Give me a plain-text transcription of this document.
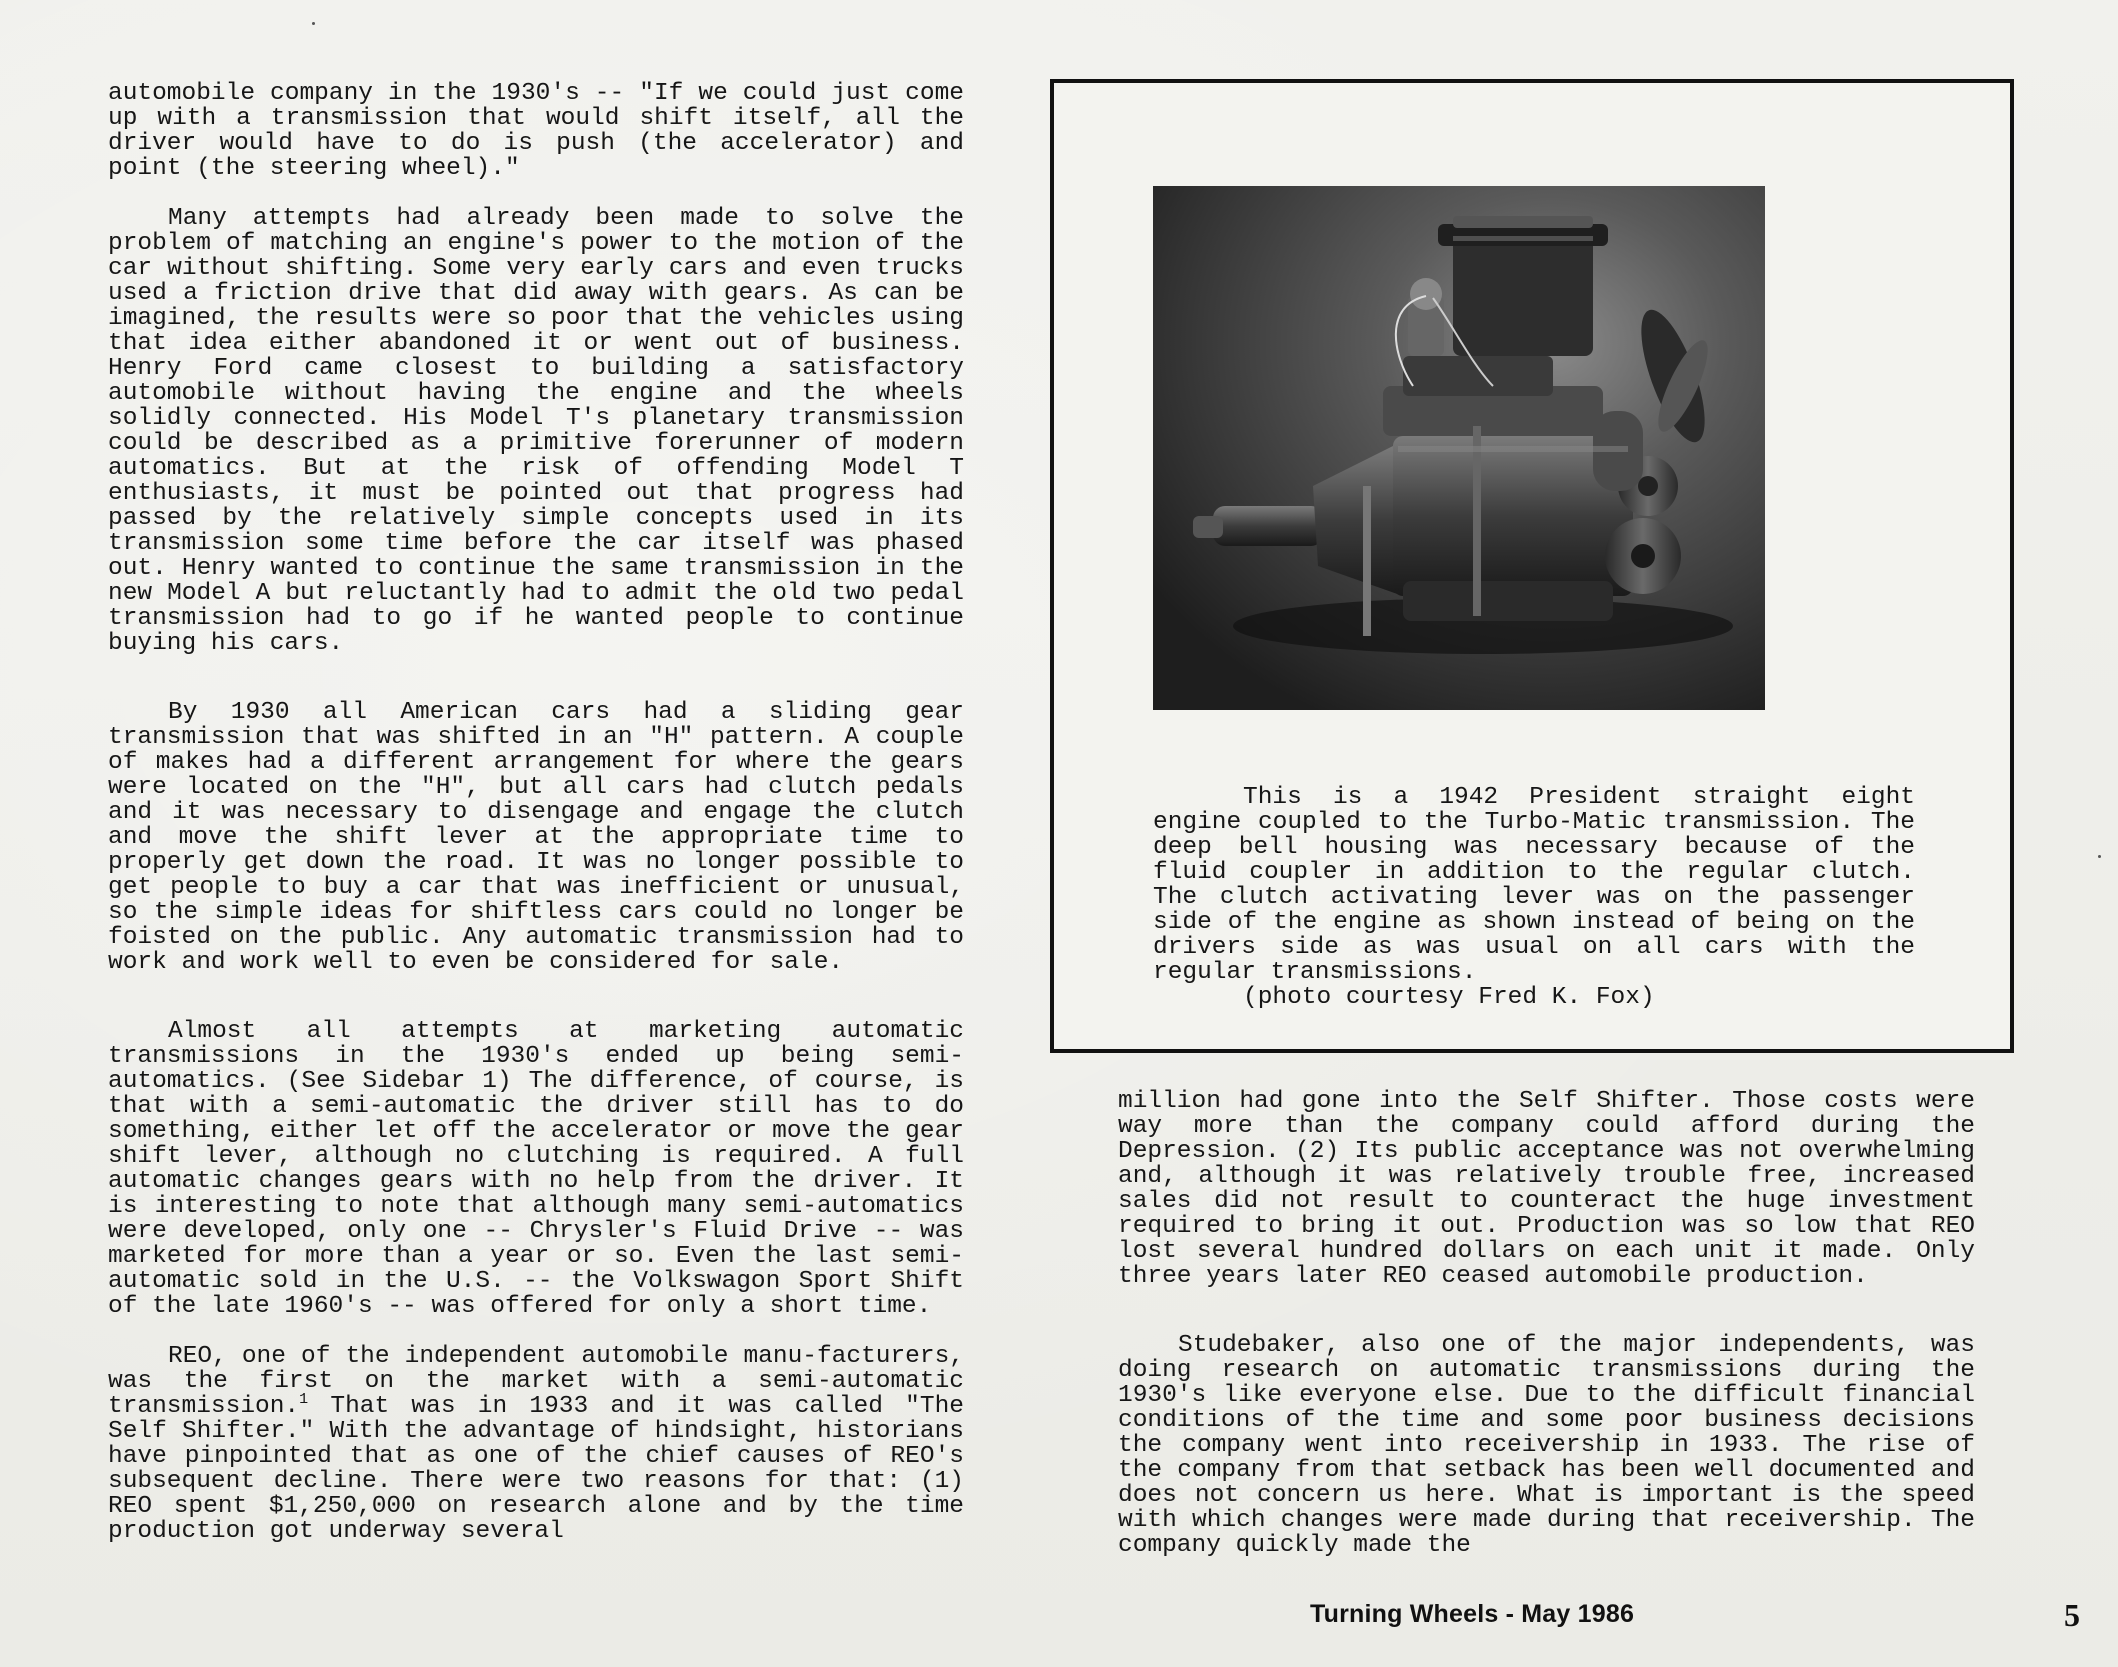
automobile company in the 1930's -- "If we could just come up with a transmission that would shift itself, all the driver would have to do is push (the accelerator) and point (the steering wheel)."
Many attempts had already been made to solve the problem of matching an engine's power to the motion of the car without shifting. Some very early cars and even trucks used a friction drive that did away with gears. As can be imagined, the results were so poor that the vehicles using that idea either abandoned it or went out of business. Henry Ford came closest to building a satisfactory automobile without having the engine and the wheels solidly connected. His Model T's planetary transmission could be described as a primitive forerunner of modern automatics. But at the risk of offending Model T enthusiasts, it must be pointed out that progress had passed by the relatively simple concepts used in its transmission some time before the car itself was phased out. Henry wanted to continue the same transmission in the new Model A but reluctantly had to admit the old two pedal transmission had to go if he wanted people to continue buying his cars.
By 1930 all American cars had a sliding gear transmission that was shifted in an "H" pattern. A couple of makes had a different arrangement for where the gears were located on the "H", but all cars had clutch pedals and it was necessary to disengage and engage the clutch and move the shift lever at the appropriate time to properly get down the road. It was no longer possible to get people to buy a car that was inefficient or unusual, so the simple ideas for shiftless cars could no longer be foisted on the public. Any automatic transmission had to work and work well to even be considered for sale.
Almost all attempts at marketing automatic transmissions in the 1930's ended up being semi-automatics. (See Sidebar 1) The difference, of course, is that with a semi-automatic the driver still has to do something, either let off the accelerator or move the gear shift lever, although no clutching is required. A full automatic changes gears with no help from the driver. It is interesting to note that although many semi-automatics were developed, only one -- Chrysler's Fluid Drive -- was marketed for more than a year or so. Even the last semi-automatic sold in the U.S. -- the Volkswagon Sport Shift of the late 1960's -- was offered for only a short time.
REO, one of the independent automobile manu-facturers, was the first on the market with a semi-automatic transmission.$^1$ That was in 1933 and it was called "The Self Shifter." With the advantage of hindsight, historians have pinpointed that as one of the chief causes of REO's subsequent decline. There were two reasons for that: (1) REO spent $1,250,000 on research alone and by the time production got underway several
This is a 1942 President straight eight engine coupled to the Turbo-Matic transmission. The deep bell housing was necessary because of the fluid coupler in addition to the regular clutch. The clutch activating lever was on the passenger side of the engine as shown instead of being on the drivers side as was usual on all cars with the regular transmissions.
(photo courtesy Fred K. Fox)
million had gone into the Self Shifter. Those costs were way more than the company could afford during the Depression. (2) Its public acceptance was not overwhelming and, although it was relatively trouble free, increased sales did not result to counteract the huge investment required to bring it out. Production was so low that REO lost several hundred dollars on each unit it made. Only three years later REO ceased automobile production.
Studebaker, also one of the major independents, was doing research on automatic transmissions during the 1930's like everyone else. Due to the difficult financial conditions of the time and some poor business decisions the company went into receivership in 1933. The rise of the company from that setback has been well documented and does not concern us here. What is important is the speed with which changes were made during that receivership. The company quickly made the
Turning Wheels - May 1986	5
